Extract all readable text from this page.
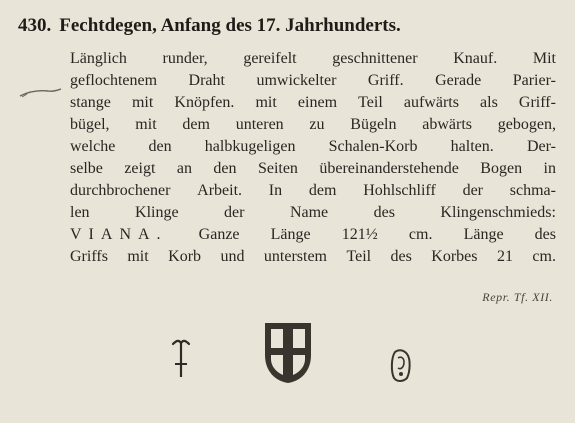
430. Fechtdegen, Anfang des 17. Jahrhunderts.
Länglich runder, gereifelt geschnittener Knauf. Mit
geflochtenem Draht umwickelter Griff. Gerade Parier-
stange mit Knöpfen. mit einem Teil aufwärts als Griff-
bügel, mit dem unteren zu Bügeln abwärts gebogen,
welche den halbkugeligen Schalen-Korb halten. Der-
selbe zeigt an den Seiten übereinanderstehende Bogen in
durchbrochener Arbeit. In dem Hohlschliff der schma-
len	Klinge	der	Name	des	Klingenschmieds:
VIANA. Ganze Länge 121½ cm. Länge des
Griffs mit Korb und unterstem Teil des Korbes 21 cm.
Repr. Tf. XII.
